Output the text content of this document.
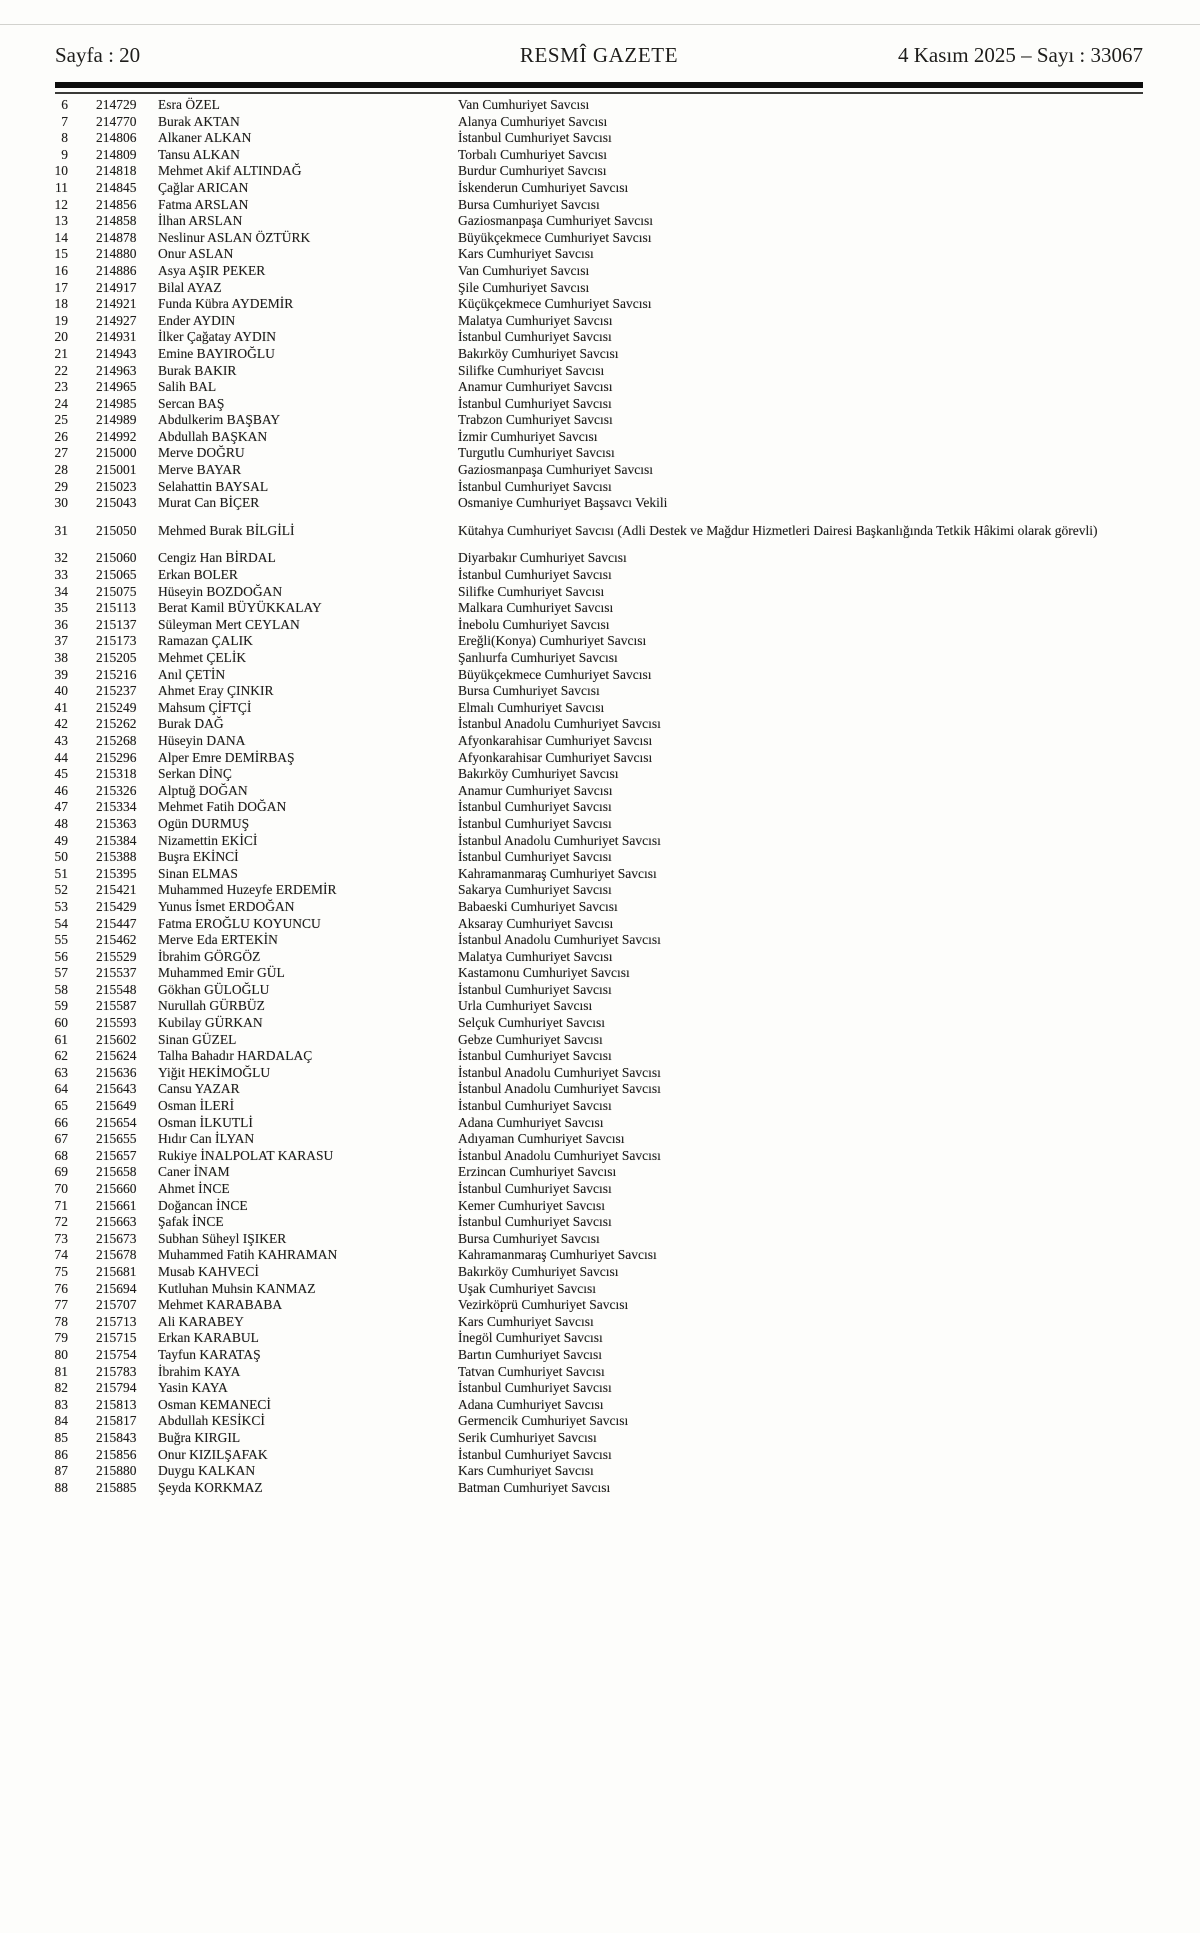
Sayfa : 20	RESMÎ GAZETE	4 Kasım 2025 – Sayı : 33067
6 214729 Esra ÖZEL	Van Cumhuriyet Savcısı
7 214770 Burak AKTAN	Alanya Cumhuriyet Savcısı
8 214806 Alkaner ALKAN	İstanbul Cumhuriyet Savcısı
9 214809 Tansu ALKAN	Torbalı Cumhuriyet Savcısı
10 214818 Mehmet Akif ALTINDAĞ	Burdur Cumhuriyet Savcısı
11 214845 Çağlar ARICAN	İskenderun Cumhuriyet Savcısı
12 214856 Fatma ARSLAN	Bursa Cumhuriyet Savcısı
13 214858 İlhan ARSLAN	Gaziosmanpaşa Cumhuriyet Savcısı
14 214878 Neslinur ASLAN ÖZTÜRK	Büyükçekmece Cumhuriyet Savcısı
15 214880 Onur ASLAN	Kars Cumhuriyet Savcısı
16 214886 Asya AŞIR PEKER	Van Cumhuriyet Savcısı
17 214917 Bilal AYAZ	Şile Cumhuriyet Savcısı
18 214921 Funda Kübra AYDEMİR	Küçükçekmece Cumhuriyet Savcısı
19 214927 Ender AYDIN	Malatya Cumhuriyet Savcısı
20 214931 İlker Çağatay AYDIN	İstanbul Cumhuriyet Savcısı
21 214943 Emine BAYIROĞLU	Bakırköy Cumhuriyet Savcısı
22 214963 Burak BAKIR	Silifke Cumhuriyet Savcısı
23 214965 Salih BAL	Anamur Cumhuriyet Savcısı
24 214985 Sercan BAŞ	İstanbul Cumhuriyet Savcısı
25 214989 Abdulkerim BAŞBAY	Trabzon Cumhuriyet Savcısı
26 214992 Abdullah BAŞKAN	İzmir Cumhuriyet Savcısı
27 215000 Merve DOĞRU	Turgutlu Cumhuriyet Savcısı
28 215001 Merve BAYAR	Gaziosmanpaşa Cumhuriyet Savcısı
29 215023 Selahattin BAYSAL	İstanbul Cumhuriyet Savcısı
30 215043 Murat Can BİÇER	Osmaniye Cumhuriyet Başsavcı Vekili
31 215050 Mehmed Burak BİLGİLİ	Kütahya Cumhuriyet Savcısı (Adli Destek ve Mağdur Hizmetleri Dairesi Başkanlığında Tetkik Hâkimi olarak görevli)
32 215060 Cengiz Han BİRDAL	Diyarbakır Cumhuriyet Savcısı
33 215065 Erkan BOLER	İstanbul Cumhuriyet Savcısı
34 215075 Hüseyin BOZDOĞAN	Silifke Cumhuriyet Savcısı
35 215113 Berat Kamil BÜYÜKKALAY	Malkara Cumhuriyet Savcısı
36 215137 Süleyman Mert CEYLAN	İnebolu Cumhuriyet Savcısı
37 215173 Ramazan ÇALIK	Ereğli(Konya) Cumhuriyet Savcısı
38 215205 Mehmet ÇELİK	Şanlıurfa Cumhuriyet Savcısı
39 215216 Anıl ÇETİN	Büyükçekmece Cumhuriyet Savcısı
40 215237 Ahmet Eray ÇINKIR	Bursa Cumhuriyet Savcısı
41 215249 Mahsum ÇİFTÇİ	Elmalı Cumhuriyet Savcısı
42 215262 Burak DAĞ	İstanbul Anadolu Cumhuriyet Savcısı
43 215268 Hüseyin DANA	Afyonkarahisar Cumhuriyet Savcısı
44 215296 Alper Emre DEMİRBAŞ	Afyonkarahisar Cumhuriyet Savcısı
45 215318 Serkan DİNÇ	Bakırköy Cumhuriyet Savcısı
46 215326 Alptuğ DOĞAN	Anamur Cumhuriyet Savcısı
47 215334 Mehmet Fatih DOĞAN	İstanbul Cumhuriyet Savcısı
48 215363 Ogün DURMUŞ	İstanbul Cumhuriyet Savcısı
49 215384 Nizamettin EKİCİ	İstanbul Anadolu Cumhuriyet Savcısı
50 215388 Buşra EKİNCİ	İstanbul Cumhuriyet Savcısı
51 215395 Sinan ELMAS	Kahramanmaraş Cumhuriyet Savcısı
52 215421 Muhammed Huzeyfe ERDEMİR	Sakarya Cumhuriyet Savcısı
53 215429 Yunus İsmet ERDOĞAN	Babaeski Cumhuriyet Savcısı
54 215447 Fatma EROĞLU KOYUNCU	Aksaray Cumhuriyet Savcısı
55 215462 Merve Eda ERTEKİN	İstanbul Anadolu Cumhuriyet Savcısı
56 215529 İbrahim GÖRGÖZ	Malatya Cumhuriyet Savcısı
57 215537 Muhammed Emir GÜL	Kastamonu Cumhuriyet Savcısı
58 215548 Gökhan GÜLOĞLU	İstanbul Cumhuriyet Savcısı
59 215587 Nurullah GÜRBÜZ	Urla Cumhuriyet Savcısı
60 215593 Kubilay GÜRKAN	Selçuk Cumhuriyet Savcısı
61 215602 Sinan GÜZEL	Gebze Cumhuriyet Savcısı
62 215624 Talha Bahadır HARDALAÇ	İstanbul Cumhuriyet Savcısı
63 215636 Yiğit HEKİMOĞLU	İstanbul Anadolu Cumhuriyet Savcısı
64 215643 Cansu YAZAR	İstanbul Anadolu Cumhuriyet Savcısı
65 215649 Osman İLERİ	İstanbul Cumhuriyet Savcısı
66 215654 Osman İLKUTLİ	Adana Cumhuriyet Savcısı
67 215655 Hıdır Can İLYAN	Adıyaman Cumhuriyet Savcısı
68 215657 Rukiye İNALPOLAT KARASU	İstanbul Anadolu Cumhuriyet Savcısı
69 215658 Caner İNAM	Erzincan Cumhuriyet Savcısı
70 215660 Ahmet İNCE	İstanbul Cumhuriyet Savcısı
71 215661 Doğancan İNCE	Kemer Cumhuriyet Savcısı
72 215663 Şafak İNCE	İstanbul Cumhuriyet Savcısı
73 215673 Subhan Süheyl IŞIKER	Bursa Cumhuriyet Savcısı
74 215678 Muhammed Fatih KAHRAMAN	Kahramanmaraş Cumhuriyet Savcısı
75 215681 Musab KAHVECİ	Bakırköy Cumhuriyet Savcısı
76 215694 Kutluhan Muhsin KANMAZ	Uşak Cumhuriyet Savcısı
77 215707 Mehmet KARABABA	Vezirköprü Cumhuriyet Savcısı
78 215713 Ali KARABEY	Kars Cumhuriyet Savcısı
79 215715 Erkan KARABUL	İnegöl Cumhuriyet Savcısı
80 215754 Tayfun KARATAŞ	Bartın Cumhuriyet Savcısı
81 215783 İbrahim KAYA	Tatvan Cumhuriyet Savcısı
82 215794 Yasin KAYA	İstanbul Cumhuriyet Savcısı
83 215813 Osman KEMANECİ	Adana Cumhuriyet Savcısı
84 215817 Abdullah KESİKCİ	Germencik Cumhuriyet Savcısı
85 215843 Buğra KIRGIL	Serik Cumhuriyet Savcısı
86 215856 Onur KIZILŞAFAK	İstanbul Cumhuriyet Savcısı
87 215880 Duygu KALKAN	Kars Cumhuriyet Savcısı
88 215885 Şeyda KORKMAZ	Batman Cumhuriyet Savcısı
